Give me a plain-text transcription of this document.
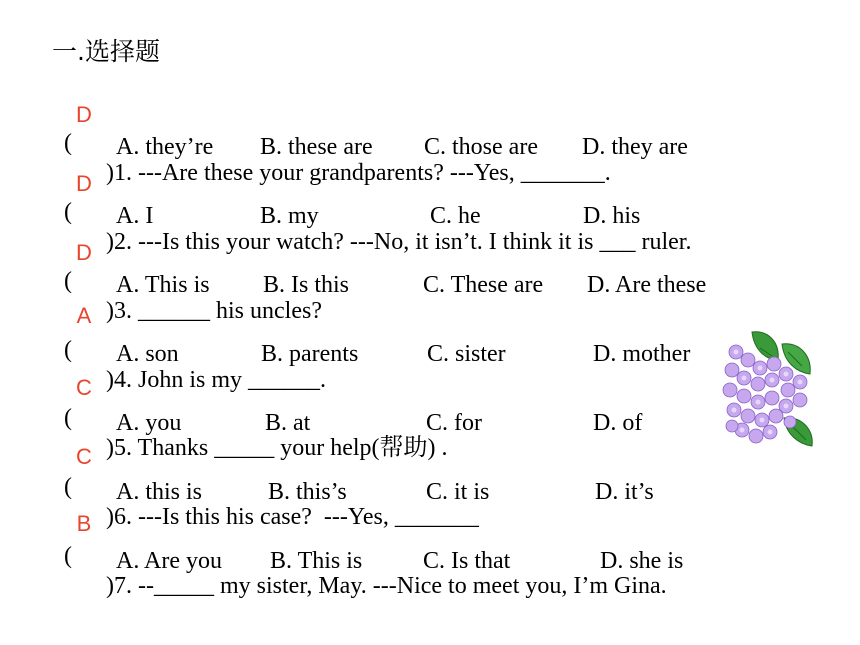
一.选择题

(
)1. ---Are these your grandparents? ---Yes, _______.

D
A. they’re B. these are C. those are D. they are

(
)2. ---Is this your watch? ---No, it isn’t. I think it is ___ ruler.

D
A. I	B. my	C. he	D. his

(
)3. ______ his uncles?

D
A. This is B. Is this	C. These are D. Are these

(
)4. John is my ______.

A
A. son	B. parents	C. sister	D. mother

(
)5. Thanks _____ your help(帮助) .

C
A. you	B. at	C. for	D. of

(
)6. ---Is this his case?  ---Yes, _______

C
A. this is	B. this’s	C. it is	D. it’s

(
)7. --_____ my sister, May. ---Nice to meet you, I’m Gina.

B
A. Are you B. This is	C. Is that	D. she is
